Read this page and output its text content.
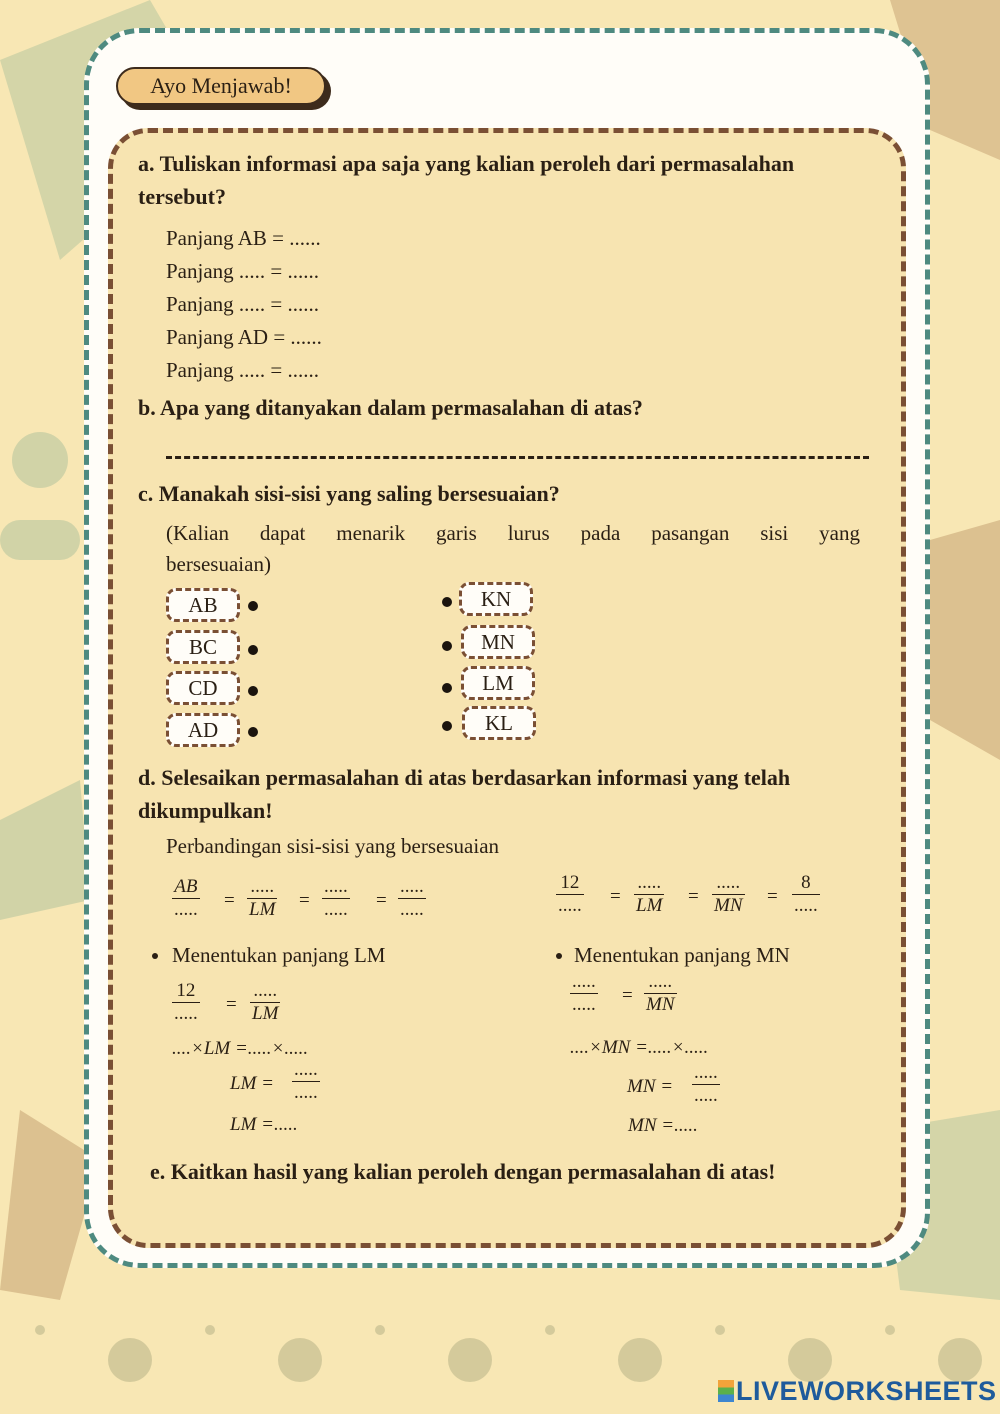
Ayo Menjawab!
a. Tuliskan informasi apa saja yang kalian peroleh dari permasalahan
tersebut?
Panjang AB = ......
Panjang ..... = ......
Panjang ..... = ......
Panjang AD = ......
Panjang ..... = ......
b. Apa yang ditanyakan dalam permasalahan di atas?
c. Manakah sisi-sisi yang saling bersesuaian?
(Kalian dapat menarik garis lurus pada pasangan sisi yang
bersesuaian)
AB
BC
CD
AD
KN
MN
LM
KL
d. Selesaikan permasalahan di atas berdasarkan informasi yang telah
dikumpulkan!
Perbandingan sisi-sisi yang bersesuaian
AB
..... =
.....
LM =
.....
..... =
.....
.....
12
..... =
.....
LM =
.....
MN =
8
.....
Menentukan panjang LM	Menentukan panjang MN
12
..... =
.....
LM
....×LM =.....×.....
LM =
.....
.....
LM =.....
.....
..... =
.....
MN
....×MN =.....×.....
MN =
.....
.....
MN =.....
e. Kaitkan hasil yang kalian peroleh dengan permasalahan di atas!
LIVEWORKSHEETS
